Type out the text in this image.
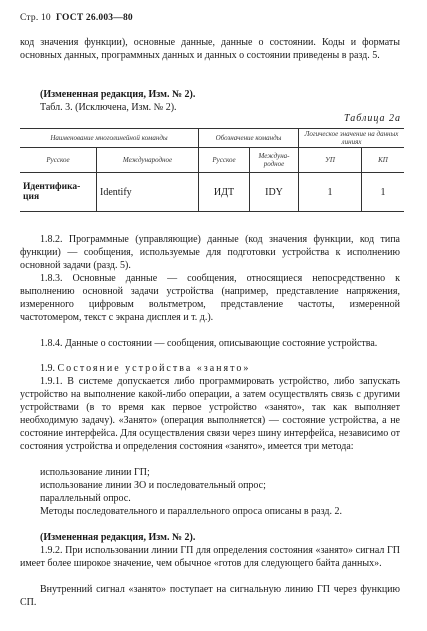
Стр. 10 ГОСТ 26.003—80
код значения функции), основные данные, данные о состоянии. Коды и форматы основных данных, программных данных и данных о состоянии приведены в разд. 5.
(Измененная редакция, Изм. № 2).
Табл. 3. (Исключена, Изм. № 2).
Таблица 2а
Наименование многолинейной команды		Обозначение команды		Логическое значение на данных линиях	
Русское	Международное	Русское	Междуна-родное	УП	КП
Идентифика-ция	Identify	ИДТ	IDY	1	1
1.8.2. Программные (управляющие) данные (код значения функции, код типа функции) — сообщения, используемые для подготовки устройства к исполнению основной задачи (разд. 5).
1.8.3. Основные данные — сообщения, относящиеся непосредственно к выполнению основной задачи устройства (например, представление напряжения, измеренного цифровым вольтметром, представление частоты, измеренной частотомером, текст с экрана дисплея и т. д.).
1.8.4. Данные о состоянии — сообщения, описывающие состояние устройства.
1.9. Состояние устройства «занято»
1.9.1. В системе допускается либо программировать устройство, либо запускать устройство на выполнение какой-либо операции, а затем осуществлять связь с другими устройствами (в то время как первое устройство «занято», так как выполняет необходимую задачу). «Занято» (операция выполняется) — состояние устройства, а не состояние интерфейса. Для осуществления связи через шину интерфейса, независимо от состояния устройства и определения состояния «занято», имеется три метода:
использование линии ГП;
использование линии ЗО и последовательный опрос;
параллельный опрос.
Методы последовательного и параллельного опроса описаны в разд. 2.
(Измененная редакция, Изм. № 2).
1.9.2. При использовании линии ГП для определения состояния «занято» сигнал ГП имеет более широкое значение, чем обычное «готов для следующего байта данных».
Внутренний сигнал «занято» поступает на сигнальную линию ГП через функцию СП.
